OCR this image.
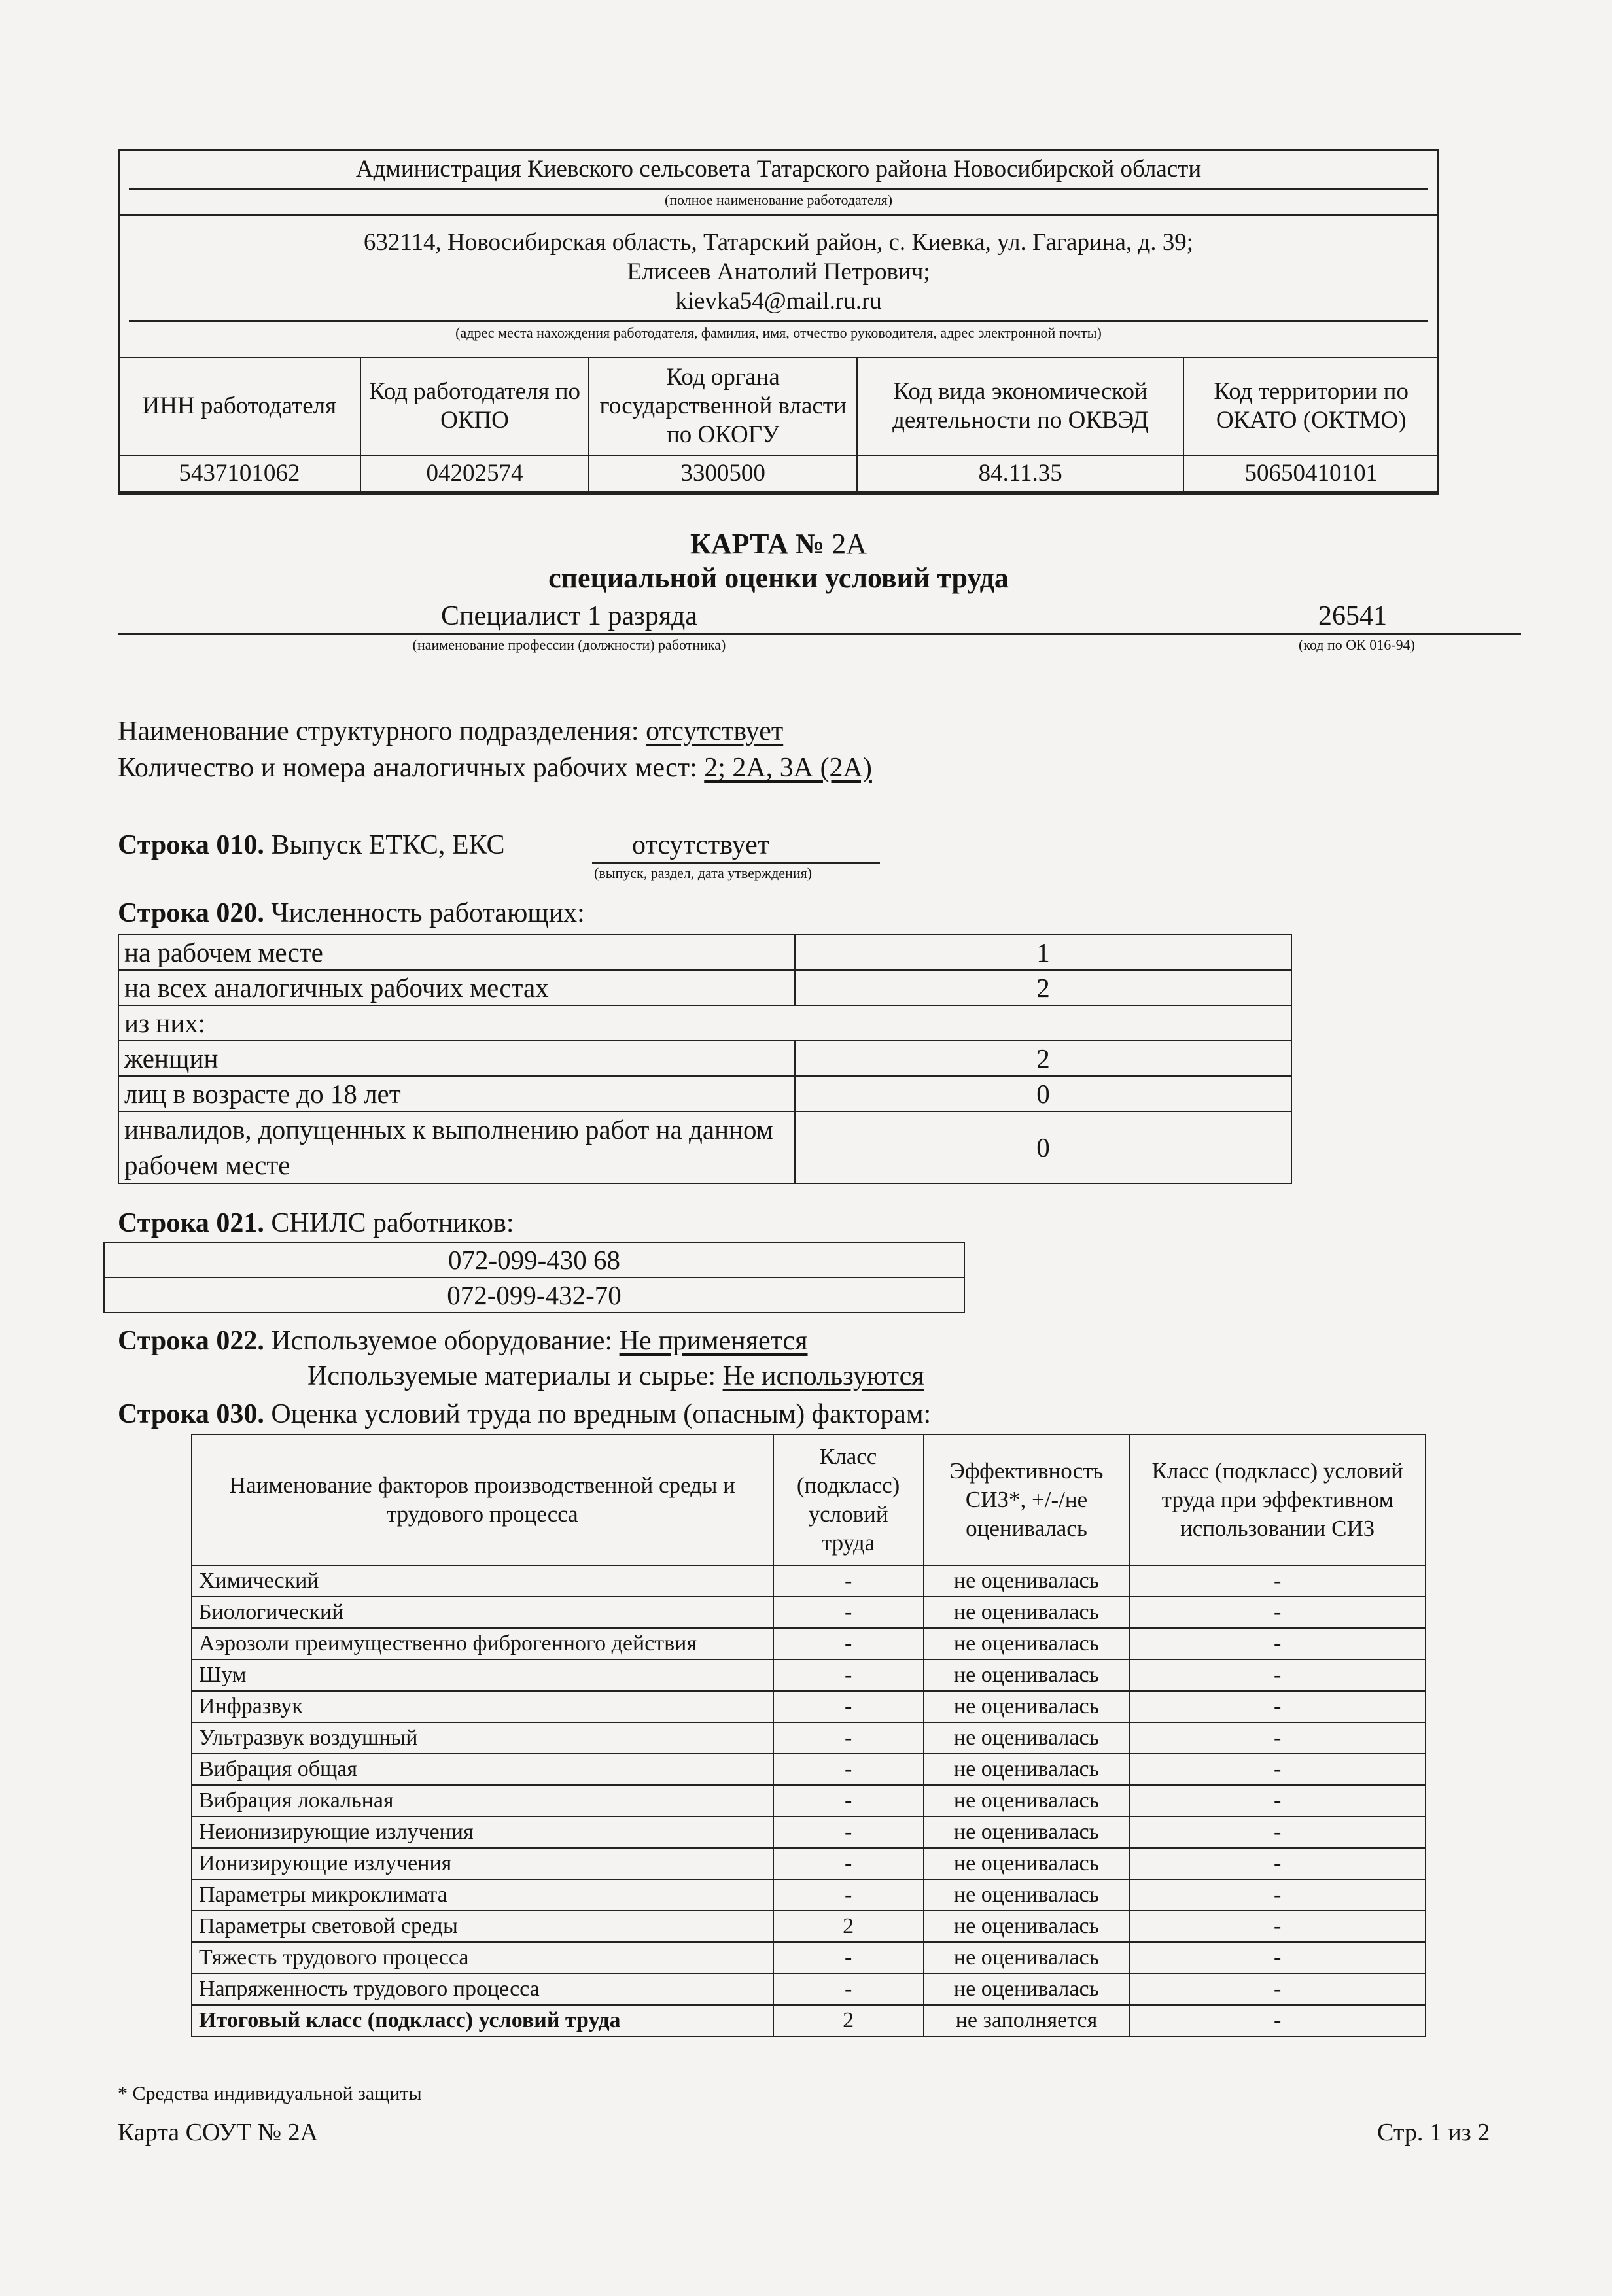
Администрация Киевского сельсовета Татарского района Новосибирской области
(полное наименование работодателя)
632114, Новосибирская область, Татарский район, с. Киевка, ул. Гагарина, д. 39;
Елисеев Анатолий Петрович;
kievka54@mail.ru.ru
(адрес места нахождения работодателя, фамилия, имя, отчество руководителя, адрес электронной почты)
ИНН работодателя	Код работодателя по ОКПО	Код органа государственной власти по ОКОГУ	Код вида экономической деятельности по ОКВЭД	Код территории по ОКАТО (ОКТМО)
5437101062	04202574	3300500	84.11.35	50650410101
КАРТА № 2А
специальной оценки условий труда
Специалист 1 разряда	26541
(наименование профессии (должности) работника)	(код по ОК 016-94)
Наименование структурного подразделения: отсутствует
Количество и номера аналогичных рабочих мест: 2; 2А, 3А (2А)
Строка 010. Выпуск ЕТКС, ЕКС	отсутствует
(выпуск, раздел, дата утверждения)
Строка 020. Численность работающих:
на рабочем месте	1
на всех аналогичных рабочих местах	2
из них:	
женщин	2
лиц в возрасте до 18 лет	0
инвалидов, допущенных к выполнению работ на данном рабочем месте	0
Строка 021. СНИЛС работников:
072-099-430 68
072-099-432-70
Строка 022. Используемое оборудование: Не применяется
Используемые материалы и сырье: Не используются
Строка 030. Оценка условий труда по вредным (опасным) факторам:
Наименование факторов производственной среды и трудового процесса	Класс (подкласс) условий труда	Эффективность СИЗ*, +/-/не оценивалась	Класс (подкласс) условий труда при эффективном использовании СИЗ
Химический	-	не оценивалась	-
Биологический	-	не оценивалась	-
Аэрозоли преимущественно фиброгенного действия	-	не оценивалась	-
Шум	-	не оценивалась	-
Инфразвук	-	не оценивалась	-
Ультразвук воздушный	-	не оценивалась	-
Вибрация общая	-	не оценивалась	-
Вибрация локальная	-	не оценивалась	-
Неионизирующие излучения	-	не оценивалась	-
Ионизирующие излучения	-	не оценивалась	-
Параметры микроклимата	-	не оценивалась	-
Параметры световой среды	2	не оценивалась	-
Тяжесть трудового процесса	-	не оценивалась	-
Напряженность трудового процесса	-	не оценивалась	-
Итоговый класс (подкласс) условий труда	2	не заполняется	-
* Средства индивидуальной защиты
Карта СОУТ № 2А	Стр. 1 из 2
